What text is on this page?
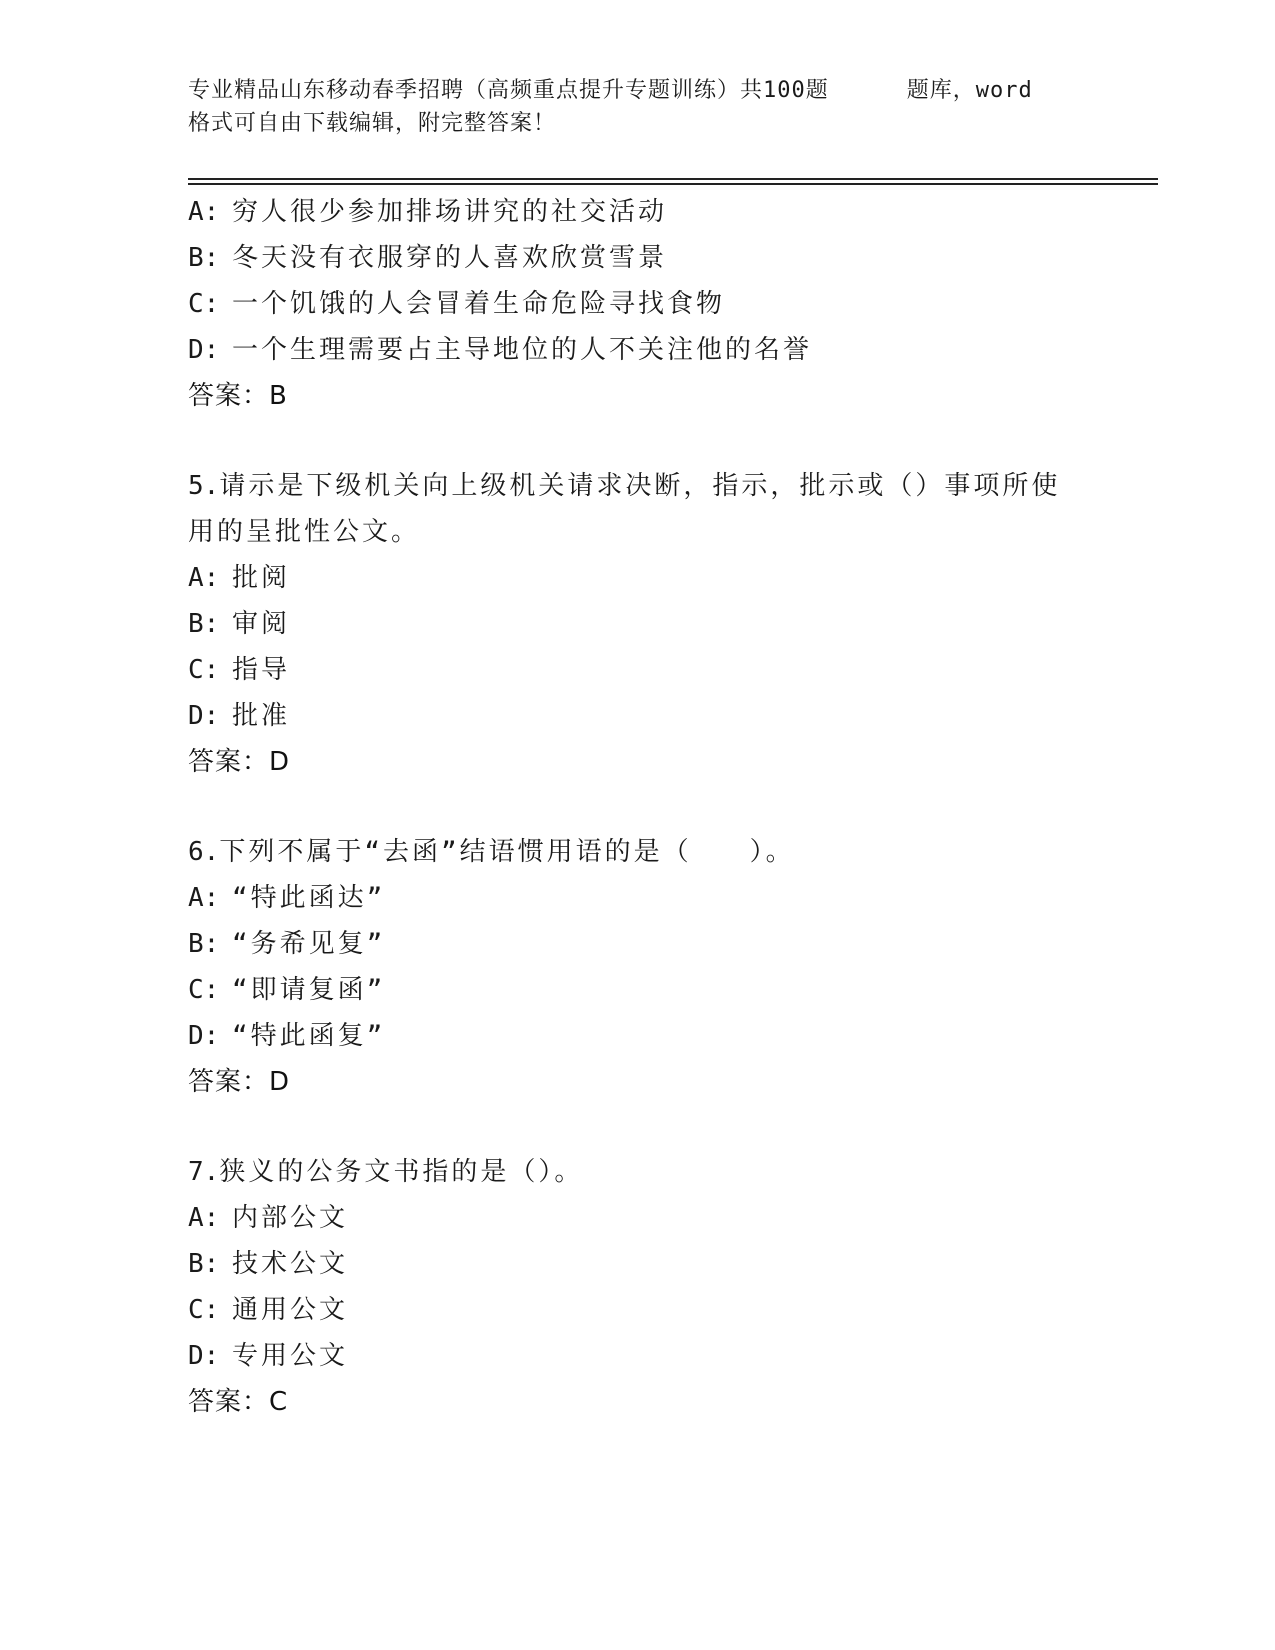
专业精品山东移动春季招聘（高频重点提升专题训练）共100题	题库，word
格式可自由下载编辑，附完整答案！
A: 穷人很少参加排场讲究的社交活动
B: 冬天没有衣服穿的人喜欢欣赏雪景
C: 一个饥饿的人会冒着生命危险寻找食物
D: 一个生理需要占主导地位的人不关注他的名誉
答案：B
5.请示是下级机关向上级机关请求决断，指示，批示或（）事项所使用的呈批性公文。
A: 批阅
B: 审阅
C: 指导
D: 批准
答案：D
6.下列不属于“去函”结语惯用语的是（　　）。
A: “特此函达”
B: “务希见复”
C: “即请复函”
D: “特此函复”
答案：D
7.狭义的公务文书指的是（）。
A: 内部公文
B: 技术公文
C: 通用公文
D: 专用公文
答案：C
